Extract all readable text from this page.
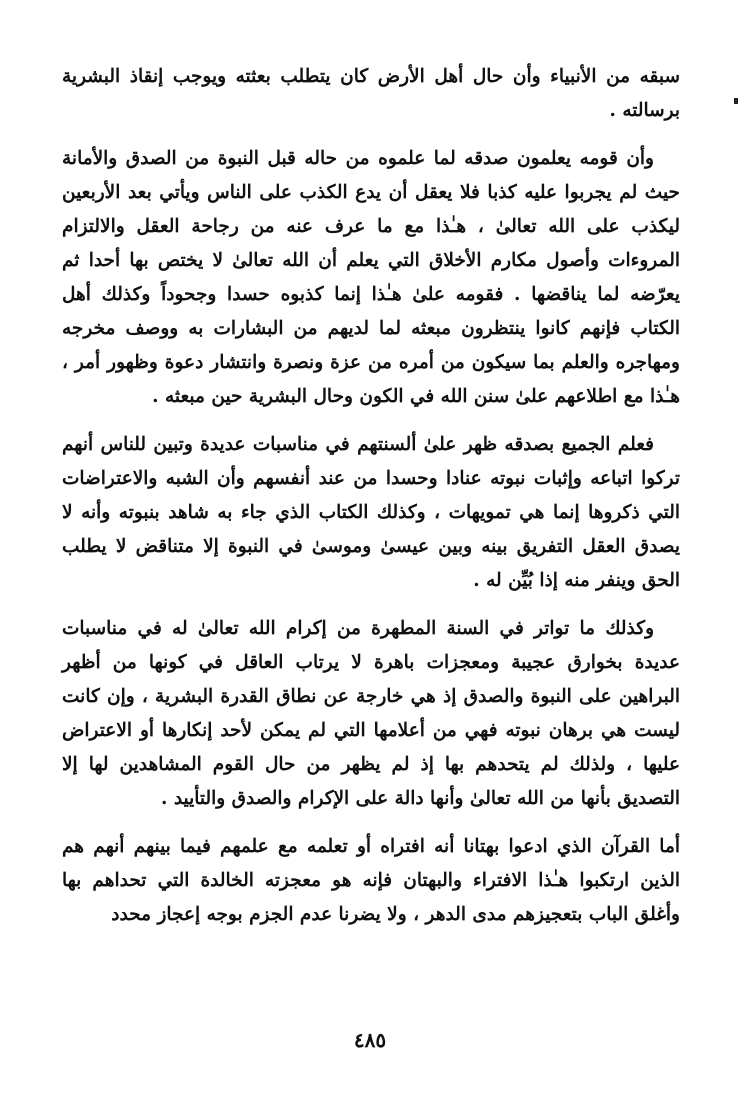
سبقه من الأنبياء وأن حال أهل الأرض كان يتطلب بعثته ويوجب إنقاذ البشرية برسالته .

وأن قومه يعلمون صدقه لما علموه من حاله قبل النبوة من الصدق والأمانة حيث لم يجربوا عليه كذبا فلا يعقل أن يدع الكذب على الناس ويأتي بعد الأربعين ليكذب على الله تعالىٰ ، هـٰذا مع ما عرف عنه من رجاحة العقل والالتزام المروءات وأصول مكارم الأخلاق التي يعلم أن الله تعالىٰ لا يختص بها أحدا ثم يعرّضه لما يناقضها . فقومه علىٰ هـٰذا إنما كذبوه حسدا وجحوداً وكذلك أهل الكتاب فإنهم كانوا ينتظرون مبعثه لما لديهم من البشارات به ووصف مخرجه ومهاجره والعلم بما سيكون من أمره من عزة ونصرة وانتشار دعوة وظهور أمر ، هـٰذا مع اطلاعهم علىٰ سنن الله في الكون وحال البشرية حين مبعثه .

فعلم الجميع بصدقه ظهر علىٰ ألسنتهم في مناسبات عديدة وتبين للناس أنهم تركوا اتباعه وإثبات نبوته عنادا وحسدا من عند أنفسهم وأن الشبه والاعتراضات التي ذكروها إنما هي تمويهات ، وكذلك الكتاب الذي جاء به شاهد بنبوته وأنه لا يصدق العقل التفريق بينه وبين عيسىٰ وموسىٰ في النبوة إلا متناقض لا يطلب الحق وينفر منه إذا بُيِّن له .

وكذلك ما تواتر في السنة المطهرة من إكرام الله تعالىٰ له في مناسبات عديدة بخوارق عجيبة ومعجزات باهرة لا يرتاب العاقل في كونها من أظهر البراهين على النبوة والصدق إذ هي خارجة عن نطاق القدرة البشرية ، وإن كانت ليست هي برهان نبوته فهي من أعلامها التي لم يمكن لأحد إنكارها أو الاعتراض عليها ، ولذلك لم يتحدهم بها إذ لم يظهر من حال القوم المشاهدين لها إلا التصديق بأنها من الله تعالىٰ وأنها دالة على الإكرام والصدق والتأييد .

أما القرآن الذي ادعوا بهتانا أنه افتراه أو تعلمه مع علمهم فيما بينهم أنهم هم الذين ارتكبوا هـٰذا الافتراء والبهتان فإنه هو معجزته الخالدة التي تحداهم بها وأغلق الباب بتعجيزهم مدى الدهر ، ولا يضرنا عدم الجزم بوجه إعجاز محدد

٤٨٥
